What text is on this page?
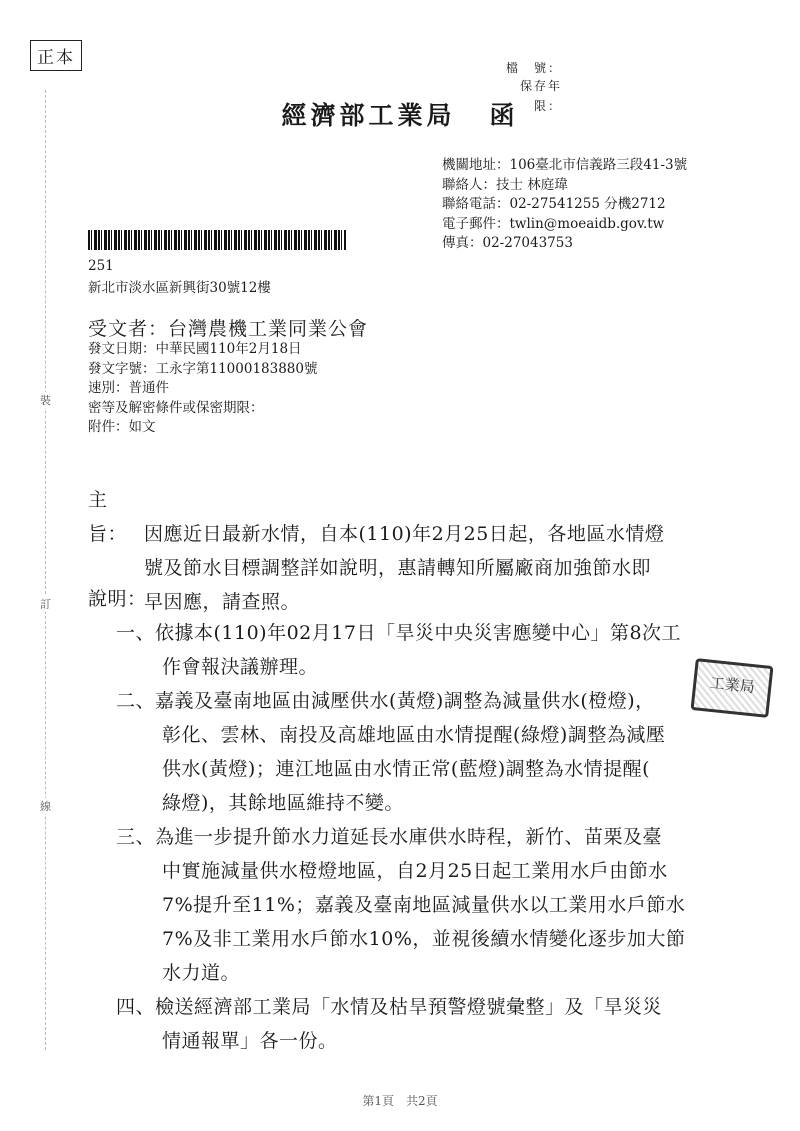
裝
訂
線
正本	檔　號：
保存年限：
經濟部工業局 函
機關地址：106臺北市信義路三段41-3號
聯絡人：技士 林庭瑋
聯絡電話：02-27541255 分機2712
電子郵件：twlin@moeaidb.gov.tw
傳真：02-27043753
251
新北市淡水區新興街30號12樓
受文者：台灣農機工業同業公會
發文日期：中華民國110年2月18日
發文字號：工永字第11000183880號
速別：普通件
密等及解密條件或保密期限：
附件：如文
主旨： 因應近日最新水情，自本(110)年2月25日起，各地區水情燈
號及節水目標調整詳如說明，惠請轉知所屬廠商加強節水即
早因應，請查照。
說明：
一、依據本(110)年02月17日「旱災中央災害應變中心」第8次工
作會報決議辦理。
二、嘉義及臺南地區由減壓供水(黃燈)調整為減量供水(橙燈)，
彰化、雲林、南投及高雄地區由水情提醒(綠燈)調整為減壓
供水(黃燈)；連江地區由水情正常(藍燈)調整為水情提醒(
綠燈)，其餘地區維持不變。
三、為進一步提升節水力道延長水庫供水時程，新竹、苗栗及臺
中實施減量供水橙燈地區，自2月25日起工業用水戶由節水
7%提升至11%；嘉義及臺南地區減量供水以工業用水戶節水
7%及非工業用水戶節水10%，並視後續水情變化逐步加大節
水力道。
四、檢送經濟部工業局「水情及枯旱預警燈號彙整」及「旱災災
情通報單」各一份。
工業局
第1頁　共2頁
